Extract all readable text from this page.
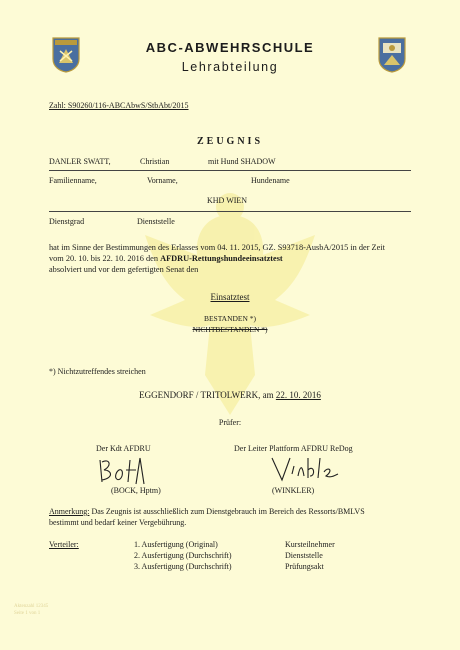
ABC-ABWEHRSCHULE
Lehrabteilung
Zahl: S90260/116-ABCAbwS/StbAbt/2015
ZEUGNIS
DANLER SWATT,	Christian	mit Hund SHADOW
Familienname,	Vorname,	Hundename
KHD WIEN
Dienstgrad	Dienststelle
hat im Sinne der Bestimmungen des Erlasses vom 04. 11. 2015, GZ. S93718-AusbA/2015 in der Zeit
vom 20. 10. bis 22. 10. 2016 den AFDRU-Rettungshundeeinsatztest
absolviert und vor dem gefertigten Senat den
Einsatztest
BESTANDEN *)
NICHTBESTANDEN *)
*) Nichtzutreffendes streichen
EGGENDORF / TRITOLWERK, am 22. 10. 2016
Prüfer:
Der Kdt AFDRU	Der Leiter Plattform AFDRU ReDog
(BOCK, Hptm)	(WINKLER)
Anmerkung: Das Zeugnis ist ausschließlich zum Dienstgebrauch im Bereich des Ressorts/BMLVS
bestimmt und bedarf keiner Vergebührung.
Verteiler:	1. Ausfertigung (Original)	Kursteilnehmer
2. Ausfertigung (Durchschrift)	Dienststelle
3. Ausfertigung (Durchschrift)	Prüfungsakt
Aktenzahl 12345
Seite 1 von 1
